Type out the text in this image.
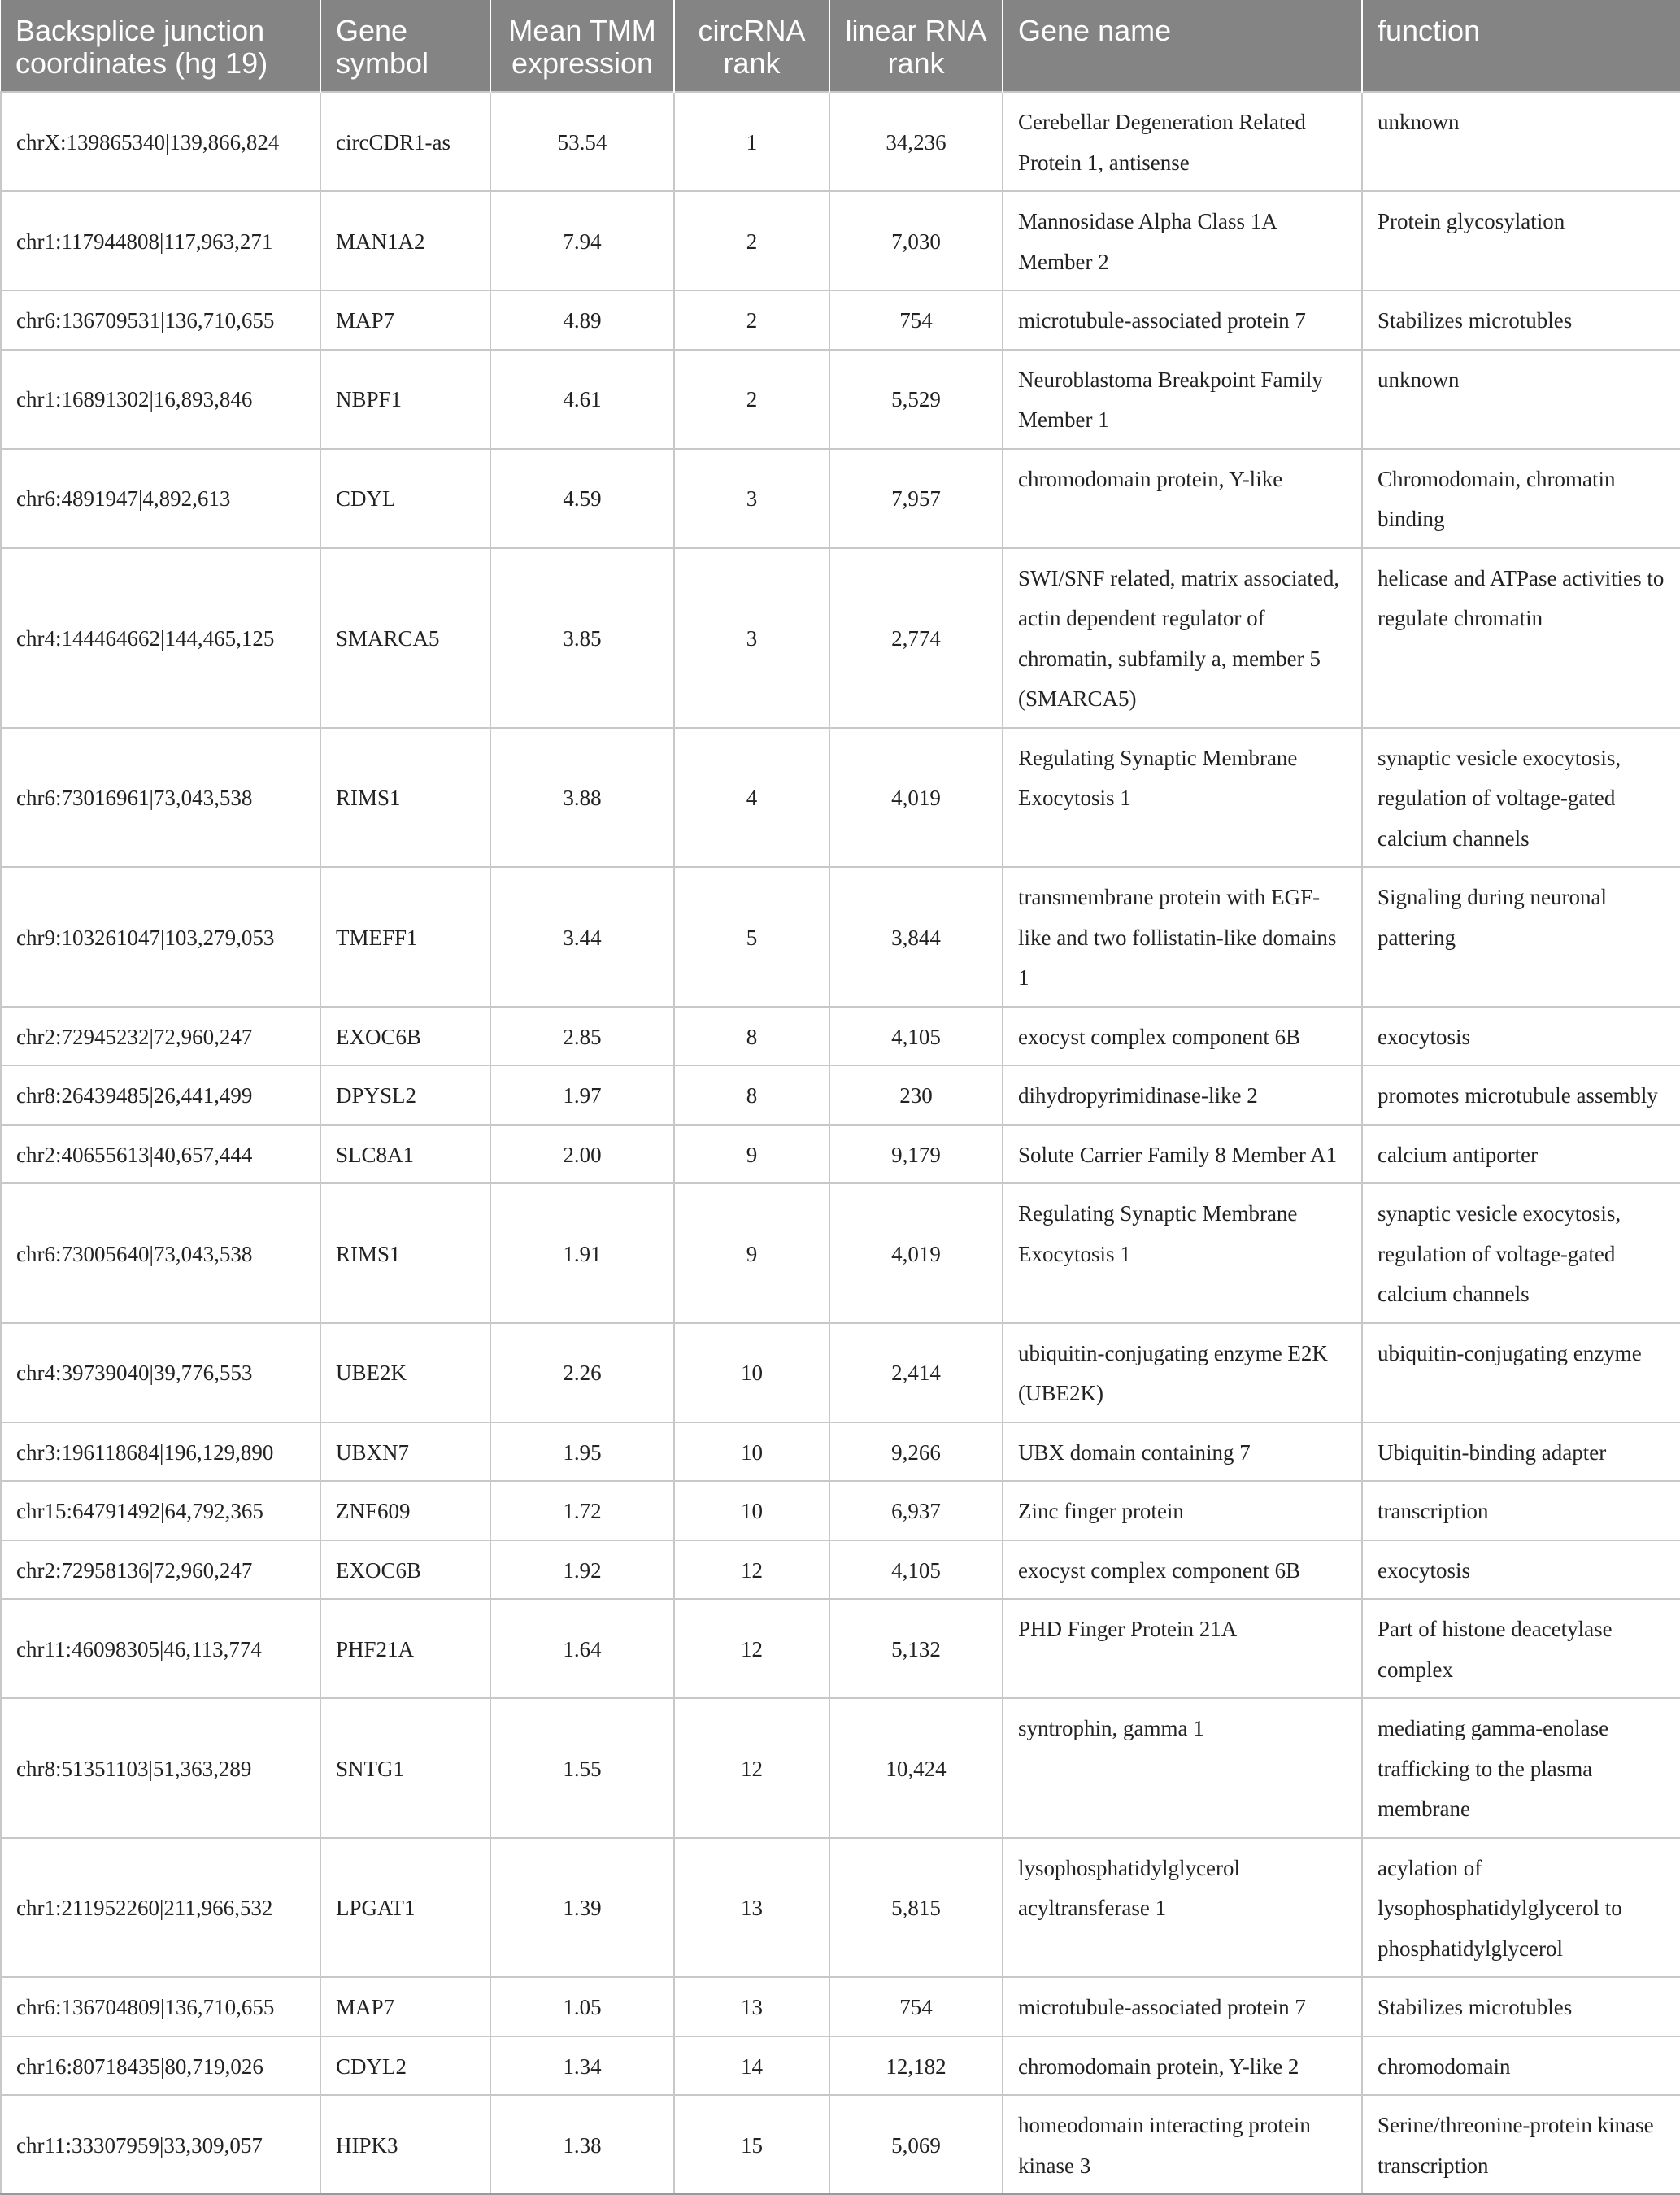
Backsplice junction coordinates (hg 19)	Gene symbol	Mean TMM expression	circRNA rank	linear RNA rank	Gene name	function
chrX:139865340|139,866,824	circCDR1-as	53.54	1	34,236	Cerebellar Degeneration Related Protein 1, antisense	unknown
chr1:117944808|117,963,271	MAN1A2	7.94	2	7,030	Mannosidase Alpha Class 1A Member 2	Protein glycosylation
chr6:136709531|136,710,655	MAP7	4.89	2	754	microtubule-associated protein 7	Stabilizes microtubles
chr1:16891302|16,893,846	NBPF1	4.61	2	5,529	Neuroblastoma Breakpoint Family Member 1	unknown
chr6:4891947|4,892,613	CDYL	4.59	3	7,957	chromodomain protein, Y-like	Chromodomain, chromatin binding
chr4:144464662|144,465,125	SMARCA5	3.85	3	2,774	SWI/SNF related, matrix associated, actin dependent regulator of chromatin, subfamily a, member 5 (SMARCA5)	helicase and ATPase activities to regulate chromatin
chr6:73016961|73,043,538	RIMS1	3.88	4	4,019	Regulating Synaptic Membrane Exocytosis 1	synaptic vesicle exocytosis, regulation of voltage-gated calcium channels
chr9:103261047|103,279,053	TMEFF1	3.44	5	3,844	transmembrane protein with EGF-like and two follistatin-like domains 1	Signaling during neuronal pattering
chr2:72945232|72,960,247	EXOC6B	2.85	8	4,105	exocyst complex component 6B	exocytosis
chr8:26439485|26,441,499	DPYSL2	1.97	8	230	dihydropyrimidinase-like 2	promotes microtubule assembly
chr2:40655613|40,657,444	SLC8A1	2.00	9	9,179	Solute Carrier Family 8 Member A1	calcium antiporter
chr6:73005640|73,043,538	RIMS1	1.91	9	4,019	Regulating Synaptic Membrane Exocytosis 1	synaptic vesicle exocytosis, regulation of voltage-gated calcium channels
chr4:39739040|39,776,553	UBE2K	2.26	10	2,414	ubiquitin-conjugating enzyme E2K (UBE2K)	ubiquitin-conjugating enzyme
chr3:196118684|196,129,890	UBXN7	1.95	10	9,266	UBX domain containing 7	Ubiquitin-binding adapter
chr15:64791492|64,792,365	ZNF609	1.72	10	6,937	Zinc finger protein	transcription
chr2:72958136|72,960,247	EXOC6B	1.92	12	4,105	exocyst complex component 6B	exocytosis
chr11:46098305|46,113,774	PHF21A	1.64	12	5,132	PHD Finger Protein 21A	Part of histone deacetylase complex
chr8:51351103|51,363,289	SNTG1	1.55	12	10,424	syntrophin, gamma 1	mediating gamma-enolase trafficking to the plasma membrane
chr1:211952260|211,966,532	LPGAT1	1.39	13	5,815	lysophosphatidylglycerol acyltransferase 1	acylation of lysophosphatidylglycerol to phosphatidylglycerol
chr6:136704809|136,710,655	MAP7	1.05	13	754	microtubule-associated protein 7	Stabilizes microtubles
chr16:80718435|80,719,026	CDYL2	1.34	14	12,182	chromodomain protein, Y-like 2	chromodomain
chr11:33307959|33,309,057	HIPK3	1.38	15	5,069	homeodomain interacting protein kinase 3	Serine/threonine-protein kinase transcription
